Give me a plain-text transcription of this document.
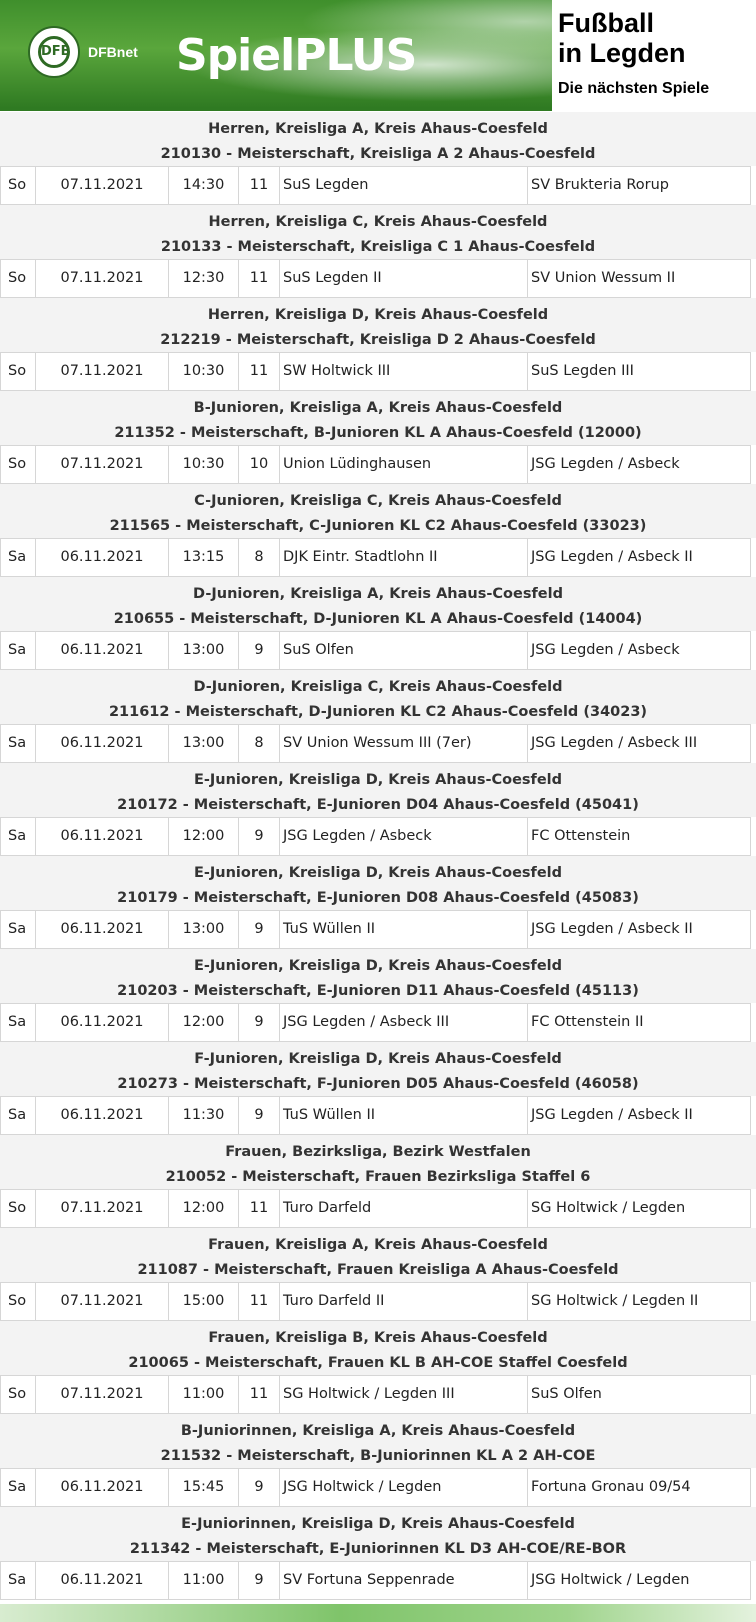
DFB DFBnet SpielPLUS
Fußball
in Legden
Die nächsten Spiele
Herren, Kreisliga A, Kreis Ahaus-Coesfeld
210130 - Meisterschaft, Kreisliga A 2 Ahaus-Coesfeld
So	07.11.2021	14:30	11	SuS Legden	SV Brukteria Rorup
Herren, Kreisliga C, Kreis Ahaus-Coesfeld
210133 - Meisterschaft, Kreisliga C 1 Ahaus-Coesfeld
So	07.11.2021	12:30	11	SuS Legden II	SV Union Wessum II
Herren, Kreisliga D, Kreis Ahaus-Coesfeld
212219 - Meisterschaft, Kreisliga D 2 Ahaus-Coesfeld
So	07.11.2021	10:30	11	SW Holtwick III	SuS Legden III
B-Junioren, Kreisliga A, Kreis Ahaus-Coesfeld
211352 - Meisterschaft, B-Junioren KL A Ahaus-Coesfeld (12000)
So	07.11.2021	10:30	10	Union Lüdinghausen	JSG Legden / Asbeck
C-Junioren, Kreisliga C, Kreis Ahaus-Coesfeld
211565 - Meisterschaft, C-Junioren KL C2 Ahaus-Coesfeld (33023)
Sa	06.11.2021	13:15	8	DJK Eintr. Stadtlohn II	JSG Legden / Asbeck II
D-Junioren, Kreisliga A, Kreis Ahaus-Coesfeld
210655 - Meisterschaft, D-Junioren KL A Ahaus-Coesfeld (14004)
Sa	06.11.2021	13:00	9	SuS Olfen	JSG Legden / Asbeck
D-Junioren, Kreisliga C, Kreis Ahaus-Coesfeld
211612 - Meisterschaft, D-Junioren KL C2 Ahaus-Coesfeld (34023)
Sa	06.11.2021	13:00	8	SV Union Wessum III (7er)	JSG Legden / Asbeck III
E-Junioren, Kreisliga D, Kreis Ahaus-Coesfeld
210172 - Meisterschaft, E-Junioren D04 Ahaus-Coesfeld (45041)
Sa	06.11.2021	12:00	9	JSG Legden / Asbeck	FC Ottenstein
E-Junioren, Kreisliga D, Kreis Ahaus-Coesfeld
210179 - Meisterschaft, E-Junioren D08 Ahaus-Coesfeld (45083)
Sa	06.11.2021	13:00	9	TuS Wüllen II	JSG Legden / Asbeck II
E-Junioren, Kreisliga D, Kreis Ahaus-Coesfeld
210203 - Meisterschaft, E-Junioren D11 Ahaus-Coesfeld (45113)
Sa	06.11.2021	12:00	9	JSG Legden / Asbeck III	FC Ottenstein II
F-Junioren, Kreisliga D, Kreis Ahaus-Coesfeld
210273 - Meisterschaft, F-Junioren D05 Ahaus-Coesfeld (46058)
Sa	06.11.2021	11:30	9	TuS Wüllen II	JSG Legden / Asbeck II
Frauen, Bezirksliga, Bezirk Westfalen
210052 - Meisterschaft, Frauen Bezirksliga Staffel 6
So	07.11.2021	12:00	11	Turo Darfeld	SG Holtwick / Legden
Frauen, Kreisliga A, Kreis Ahaus-Coesfeld
211087 - Meisterschaft, Frauen Kreisliga A Ahaus-Coesfeld
So	07.11.2021	15:00	11	Turo Darfeld II	SG Holtwick / Legden II
Frauen, Kreisliga B, Kreis Ahaus-Coesfeld
210065 - Meisterschaft, Frauen KL B AH-COE Staffel Coesfeld
So	07.11.2021	11:00	11	SG Holtwick / Legden III	SuS Olfen
B-Juniorinnen, Kreisliga A, Kreis Ahaus-Coesfeld
211532 - Meisterschaft, B-Juniorinnen KL A 2 AH-COE
Sa	06.11.2021	15:45	9	JSG Holtwick / Legden	Fortuna Gronau 09/54
E-Juniorinnen, Kreisliga D, Kreis Ahaus-Coesfeld
211342 - Meisterschaft, E-Juniorinnen KL D3 AH-COE/RE-BOR
Sa	06.11.2021	11:00	9	SV Fortuna Seppenrade	JSG Holtwick / Legden
